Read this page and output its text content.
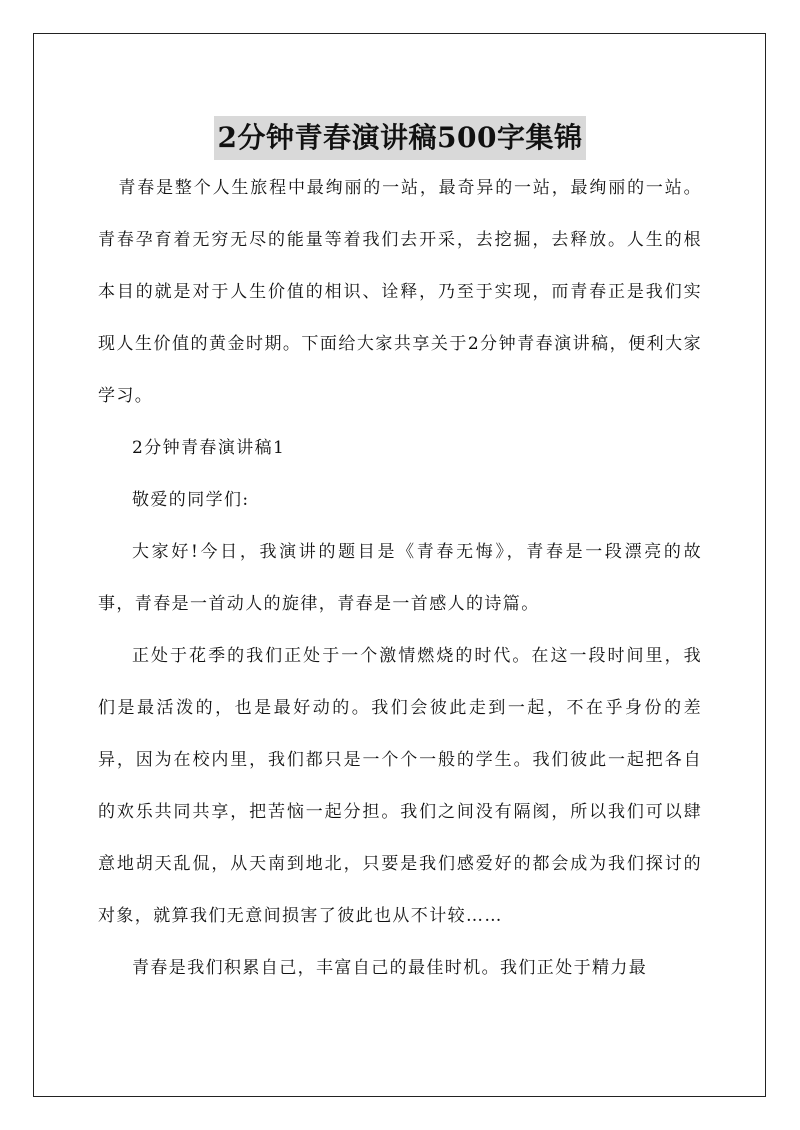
2分钟青春演讲稿500字集锦

青春是整个人生旅程中最绚丽的一站，最奇异的一站，最绚丽的一站。青春孕育着无穷无尽的能量等着我们去开采，去挖掘，去释放。人生的根本目的就是对于人生价值的相识、诠释，乃至于实现，而青春正是我们实现人生价值的黄金时期。下面给大家共享关于2分钟青春演讲稿，便利大家学习。

2分钟青春演讲稿1

敬爱的同学们:

大家好!今日，我演讲的题目是《青春无悔》，青春是一段漂亮的故事，青春是一首动人的旋律，青春是一首感人的诗篇。

正处于花季的我们正处于一个激情燃烧的时代。在这一段时间里，我们是最活泼的，也是最好动的。我们会彼此走到一起，不在乎身份的差异，因为在校内里，我们都只是一个个一般的学生。我们彼此一起把各自的欢乐共同共享，把苦恼一起分担。我们之间没有隔阂，所以我们可以肆意地胡天乱侃，从天南到地北，只要是我们感爱好的都会成为我们探讨的对象，就算我们无意间损害了彼此也从不计较……

青春是我们积累自己，丰富自己的最佳时机。我们正处于精力最
